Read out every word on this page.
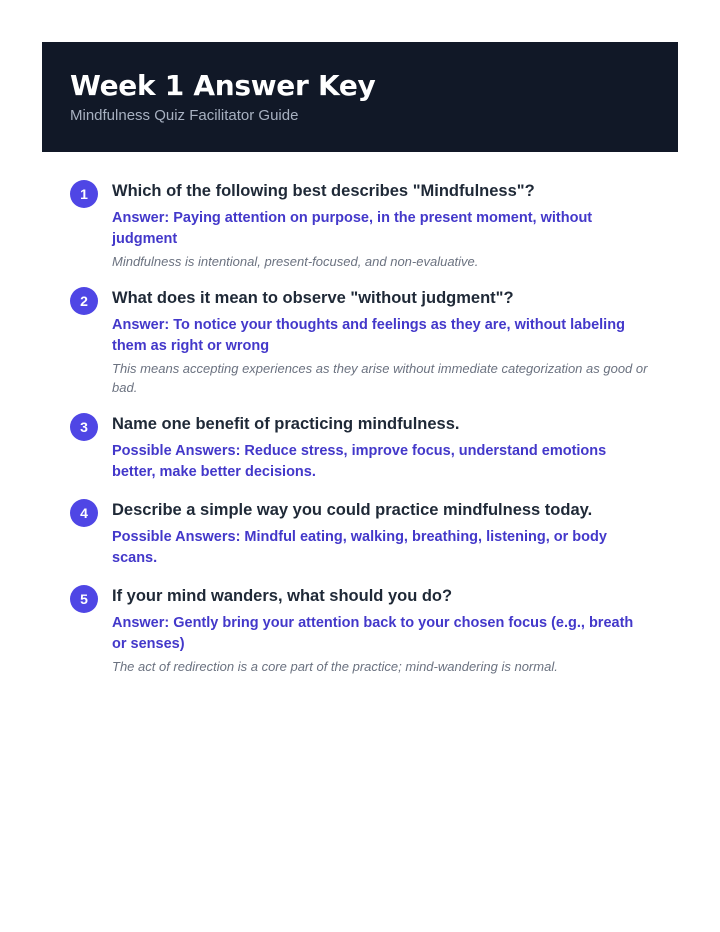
Week 1 Answer Key
Mindfulness Quiz Facilitator Guide
1	Which of the following best describes "Mindfulness"?
Answer: Paying attention on purpose, in the present moment, without judgment
Mindfulness is intentional, present-focused, and non-evaluative.
2	What does it mean to observe "without judgment"?
Answer: To notice your thoughts and feelings as they are, without labeling them as right or wrong
This means accepting experiences as they arise without immediate categorization as good or bad.
3	Name one benefit of practicing mindfulness.
Possible Answers: Reduce stress, improve focus, understand emotions better, make better decisions.
4	Describe a simple way you could practice mindfulness today.
Possible Answers: Mindful eating, walking, breathing, listening, or body scans.
5	If your mind wanders, what should you do?
Answer: Gently bring your attention back to your chosen focus (e.g., breath or senses)
The act of redirection is a core part of the practice; mind-wandering is normal.
